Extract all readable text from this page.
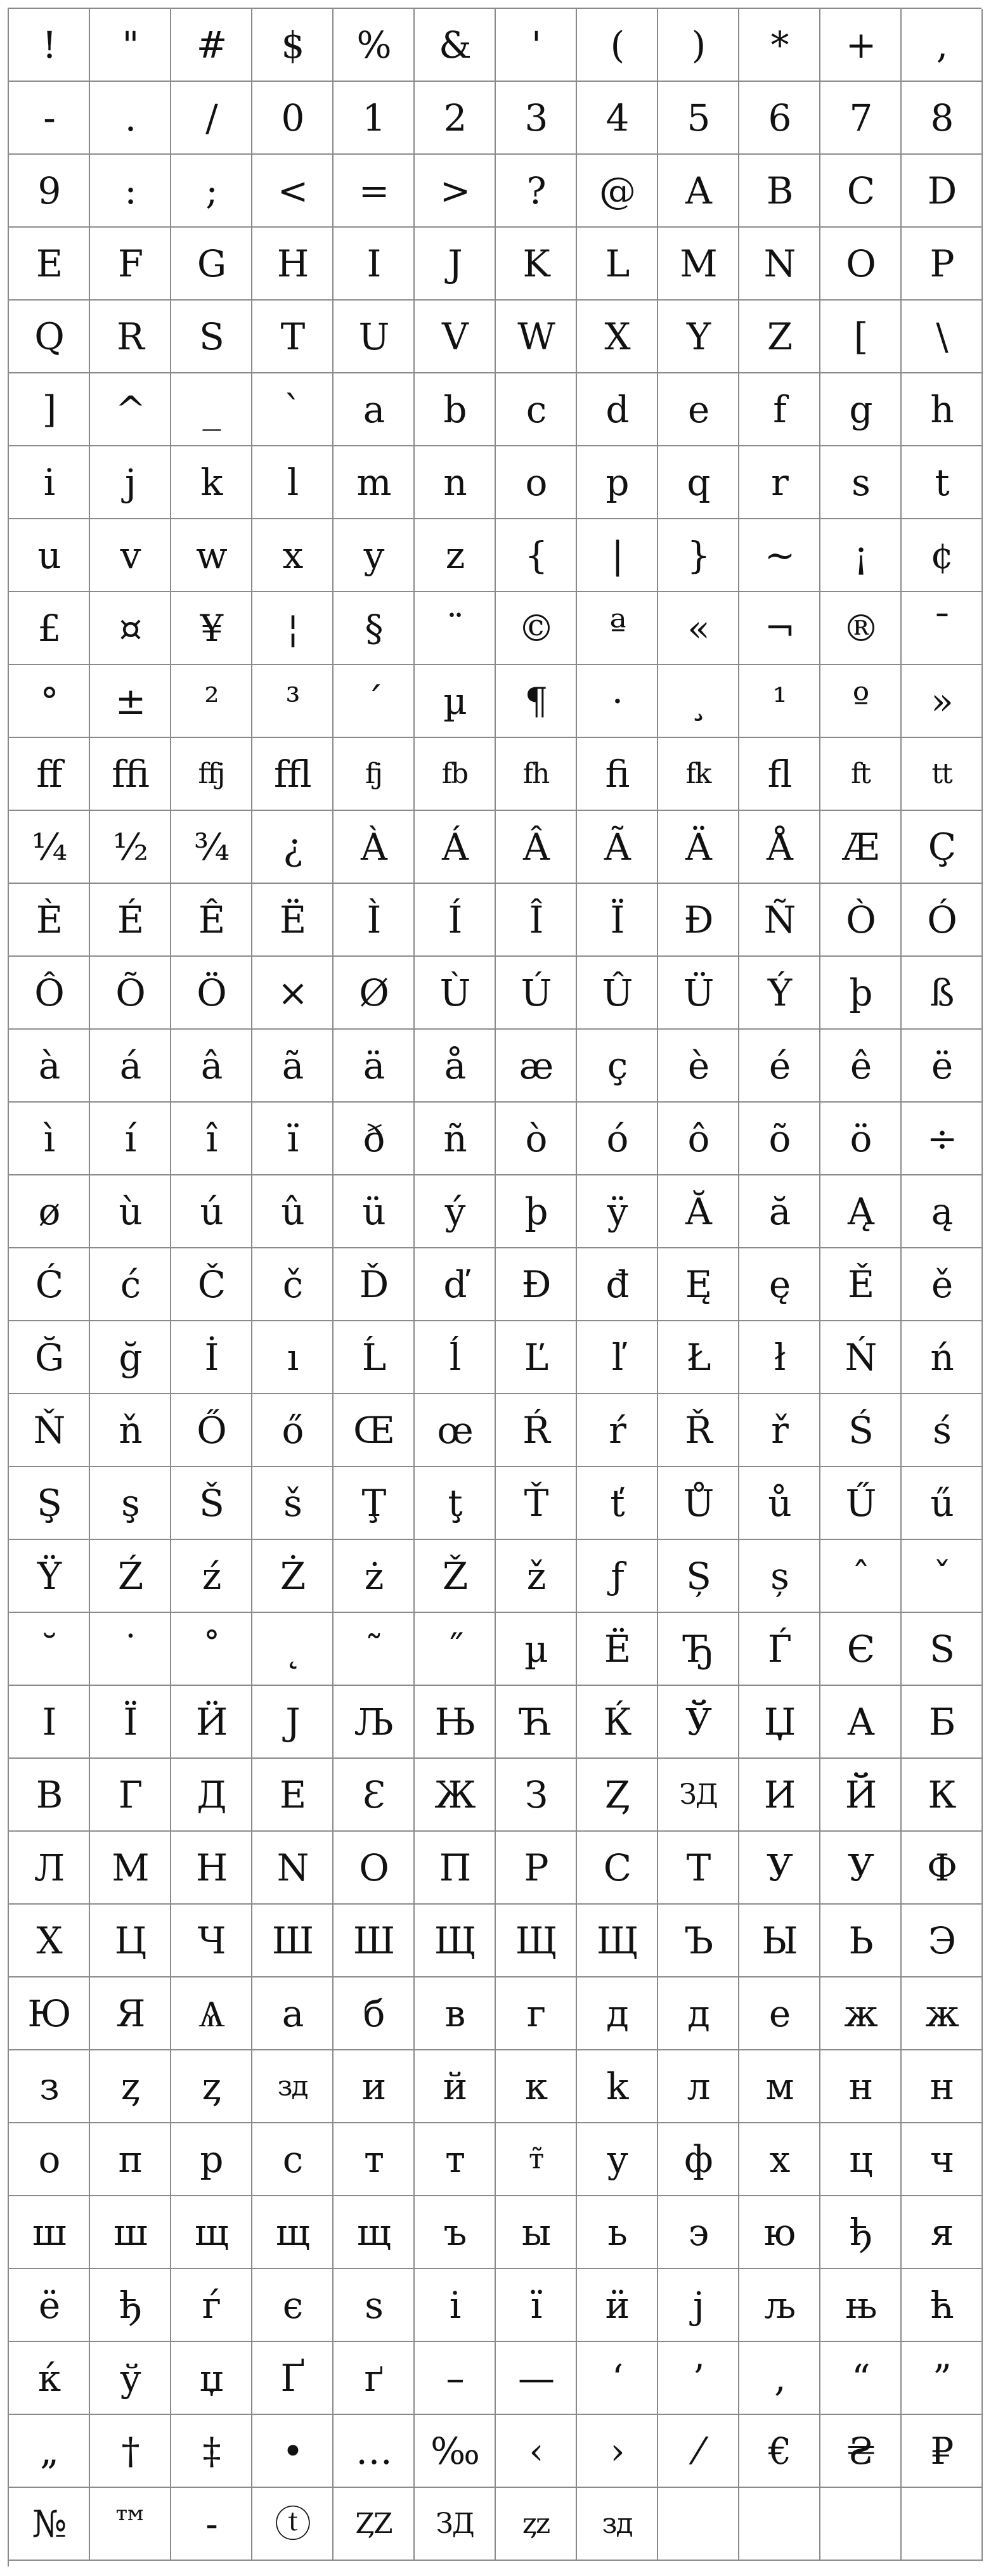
!	"	#	$	%	&	'	(	)	*	+	,
-	.	/	0	1	2	3	4	5	6	7	8
9	:	;	<	=	>	?	@	A	B	C	D
E	F	G	H	I	J	K	L	M	N	O	P
Q	R	S	T	U	V	W	X	Y	Z	[	\
]	^	_	`	a	b	c	d	e	f	g	h
i	j	k	l	m	n	o	p	q	r	s	t
u	v	w	x	y	z	{	|	}	~	¡	¢
£	¤	¥	¦	§	¨	©	ª	«	¬	®	¯
°	±	²	³	´	µ	¶	·	¸	¹	º	»
ﬀ	ﬃ	ﬀj	ﬄ	fj	fb	fh	ﬁ	fk	ﬂ	ft	tt
¼	½	¾	¿	À	Á	Â	Ã	Ä	Å	Æ	Ç
È	É	Ê	Ë	Ì	Í	Î	Ï	Ð	Ñ	Ò	Ó
Ô	Õ	Ö	×	Ø	Ù	Ú	Û	Ü	Ý	þ	ß
à	á	â	ã	ä	å	æ	ç	è	é	ê	ë
ì	í	î	ï	ð	ñ	ò	ó	ô	õ	ö	÷
ø	ù	ú	û	ü	ý	þ	ÿ	Ă	ă	Ą	ą
Ć	ć	Č	č	Ď	ď	Đ	đ	Ę	ę	Ě	ě
Ğ	ğ	İ	ı	Ĺ	ĺ	Ľ	ľ	Ł	ł	Ń	ń
Ň	ň	Ő	ő	Œ	œ	Ŕ	ŕ	Ř	ř	Ś	ś
Ş	ş	Š	š	Ţ	ţ	Ť	ť	Ů	ů	Ű	ű
Ÿ	Ź	ź	Ż	ż	Ž	ž	ƒ	Ș	ș	ˆ	ˇ
˘	˙	˚	˛	˜	˝	µ	Ё	Ђ	Ѓ	Є	Ѕ
І	Ї	Ӥ	Ј	Љ	Њ	Ћ	Ќ	Ў	Џ	А	Б
В	Г	Д	Е	Ԑ	Ж	З	Ȥ	ЗД	И	Й	К
Л	М	Н	N	О	П	Р	С	Т	У	У	Ф
Х	Ц	Ч	Ш	Ш	Щ	Щ	Щ	Ъ	Ы	Ь	Э
Ю	Я	Ѧ	а	б	в	г	д	д	е	ж	ж
з	ȥ	ȥ	зд	и	й	к	k	л	м	н	н
о	п	р	с	т	т	т̃	у	ф	х	ц	ч
ш	ш	щ	щ	щ	ъ	ы	ь	э	ю	ђ	я
ё	ђ	ѓ	є	ѕ	і	ї	ӥ	ј	љ	њ	ћ
ќ	ў	џ	Ґ	ґ	–	—	‘	’	‚	“	”
„	†	‡	•	…	‰	‹	›	⁄	€	₴	₽
№	™	‐	ⓣ	ȤZ	ЗД	ȥz	зд
